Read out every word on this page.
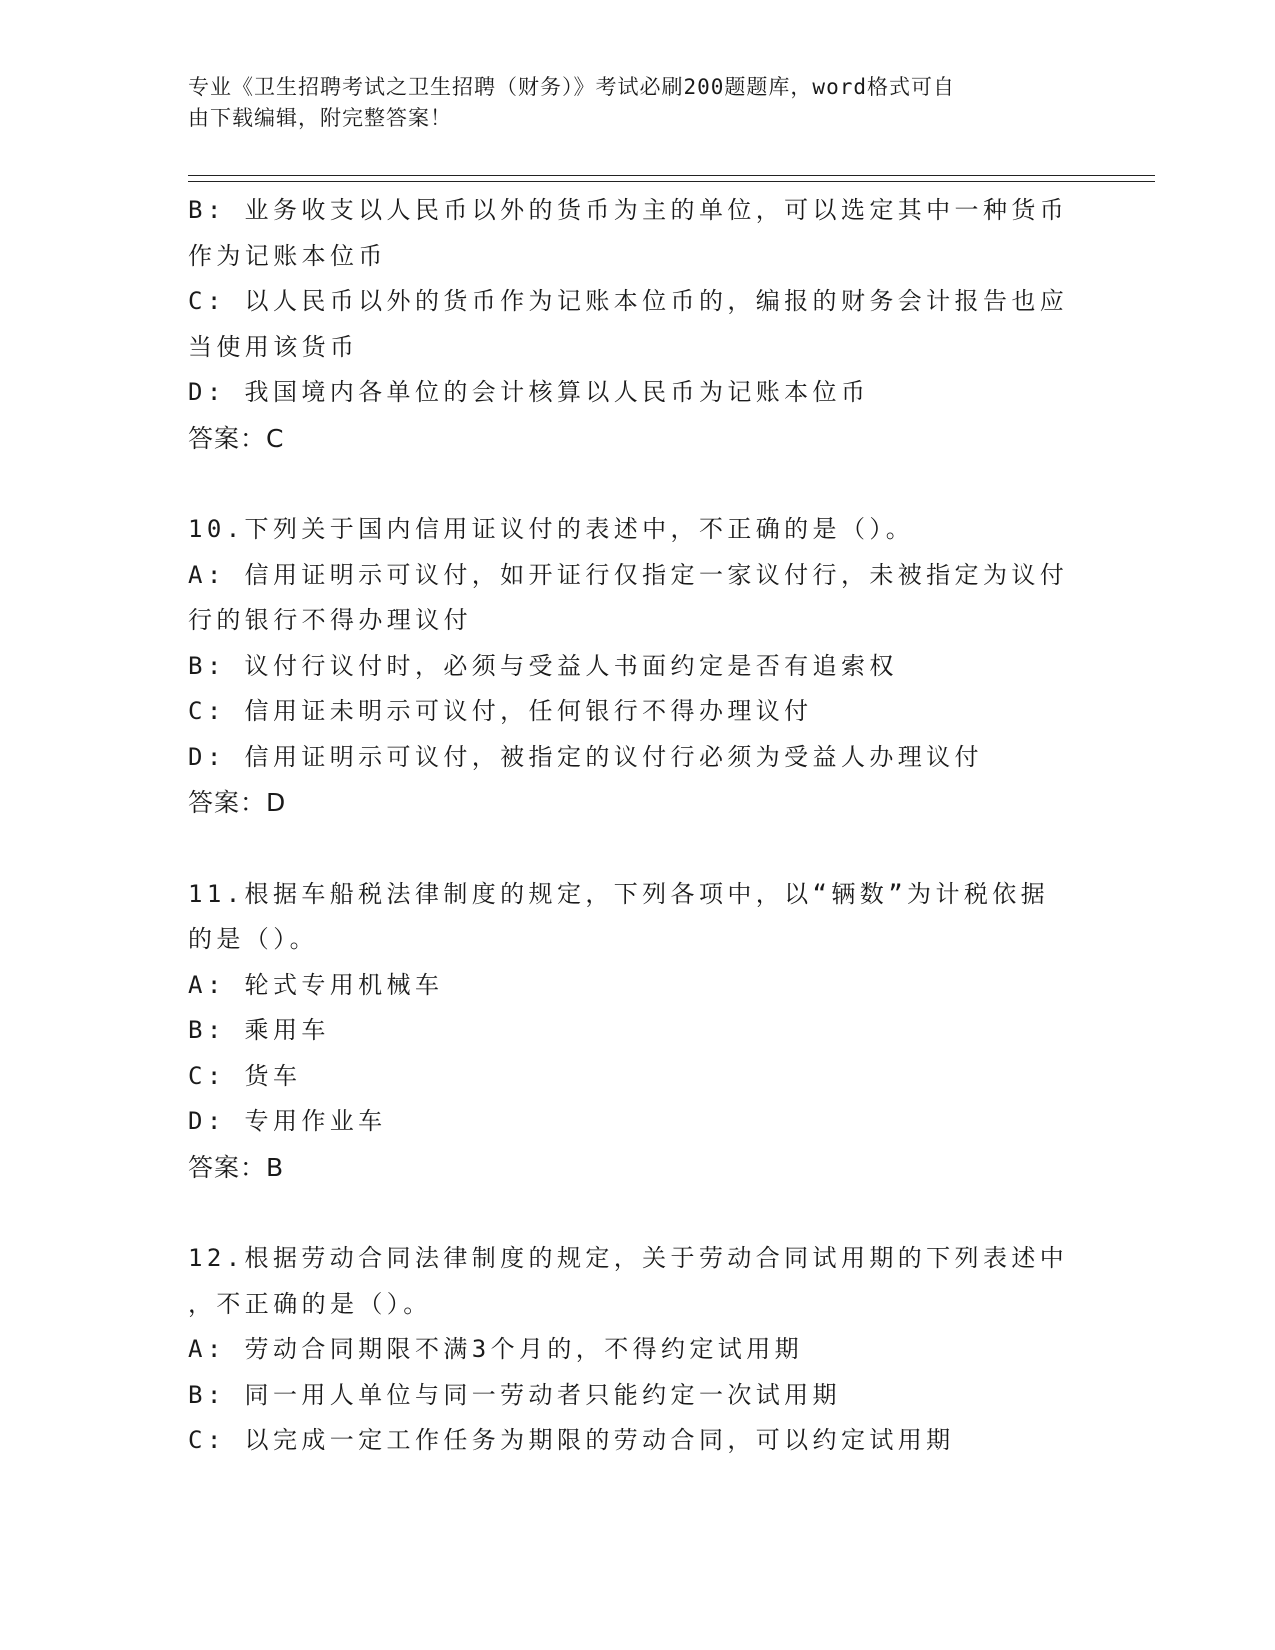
专业《卫生招聘考试之卫生招聘（财务）》考试必刷200题题库，word格式可自
由下载编辑，附完整答案！
B: 业务收支以人民币以外的货币为主的单位，可以选定其中一种货币
作为记账本位币
C: 以人民币以外的货币作为记账本位币的，编报的财务会计报告也应
当使用该货币
D: 我国境内各单位的会计核算以人民币为记账本位币
答案：C
10.下列关于国内信用证议付的表述中，不正确的是（）。
A: 信用证明示可议付，如开证行仅指定一家议付行，未被指定为议付
行的银行不得办理议付
B: 议付行议付时，必须与受益人书面约定是否有追索权
C: 信用证未明示可议付，任何银行不得办理议付
D: 信用证明示可议付，被指定的议付行必须为受益人办理议付
答案：D
11.根据车船税法律制度的规定，下列各项中，以“辆数”为计税依据
的是（）。
A: 轮式专用机械车
B: 乘用车
C: 货车
D: 专用作业车
答案：B
12.根据劳动合同法律制度的规定，关于劳动合同试用期的下列表述中
，不正确的是（）。
A: 劳动合同期限不满3个月的，不得约定试用期
B: 同一用人单位与同一劳动者只能约定一次试用期
C: 以完成一定工作任务为期限的劳动合同，可以约定试用期
